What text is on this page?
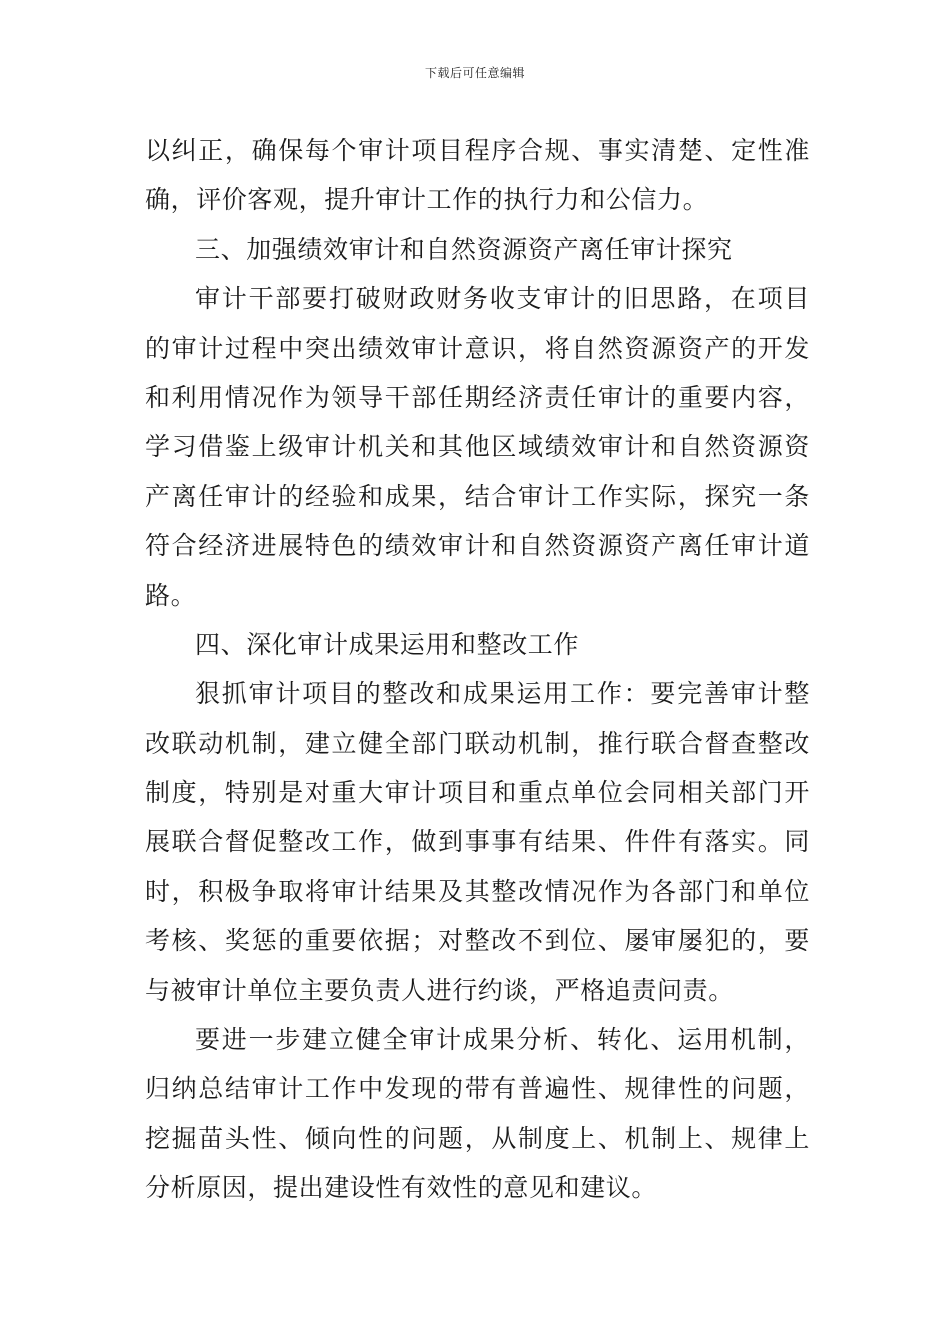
下载后可任意编辑
以纠正，确保每个审计项目程序合规、事实清楚、定性准
确，评价客观，提升审计工作的执行力和公信力。
三、加强绩效审计和自然资源资产离任审计探究
审计干部要打破财政财务收支审计的旧思路，在项目
的审计过程中突出绩效审计意识，将自然资源资产的开发
和利用情况作为领导干部任期经济责任审计的重要内容，
学习借鉴上级审计机关和其他区域绩效审计和自然资源资
产离任审计的经验和成果，结合审计工作实际，探究一条
符合经济进展特色的绩效审计和自然资源资产离任审计道
路。
四、深化审计成果运用和整改工作
狠抓审计项目的整改和成果运用工作：要完善审计整
改联动机制，建立健全部门联动机制，推行联合督查整改
制度，特别是对重大审计项目和重点单位会同相关部门开
展联合督促整改工作，做到事事有结果、件件有落实。同
时，积极争取将审计结果及其整改情况作为各部门和单位
考核、奖惩的重要依据；对整改不到位、屡审屡犯的，要
与被审计单位主要负责人进行约谈，严格追责问责。
要进一步建立健全审计成果分析、转化、运用机制，
归纳总结审计工作中发现的带有普遍性、规律性的问题，
挖掘苗头性、倾向性的问题，从制度上、机制上、规律上
分析原因，提出建设性有效性的意见和建议。
